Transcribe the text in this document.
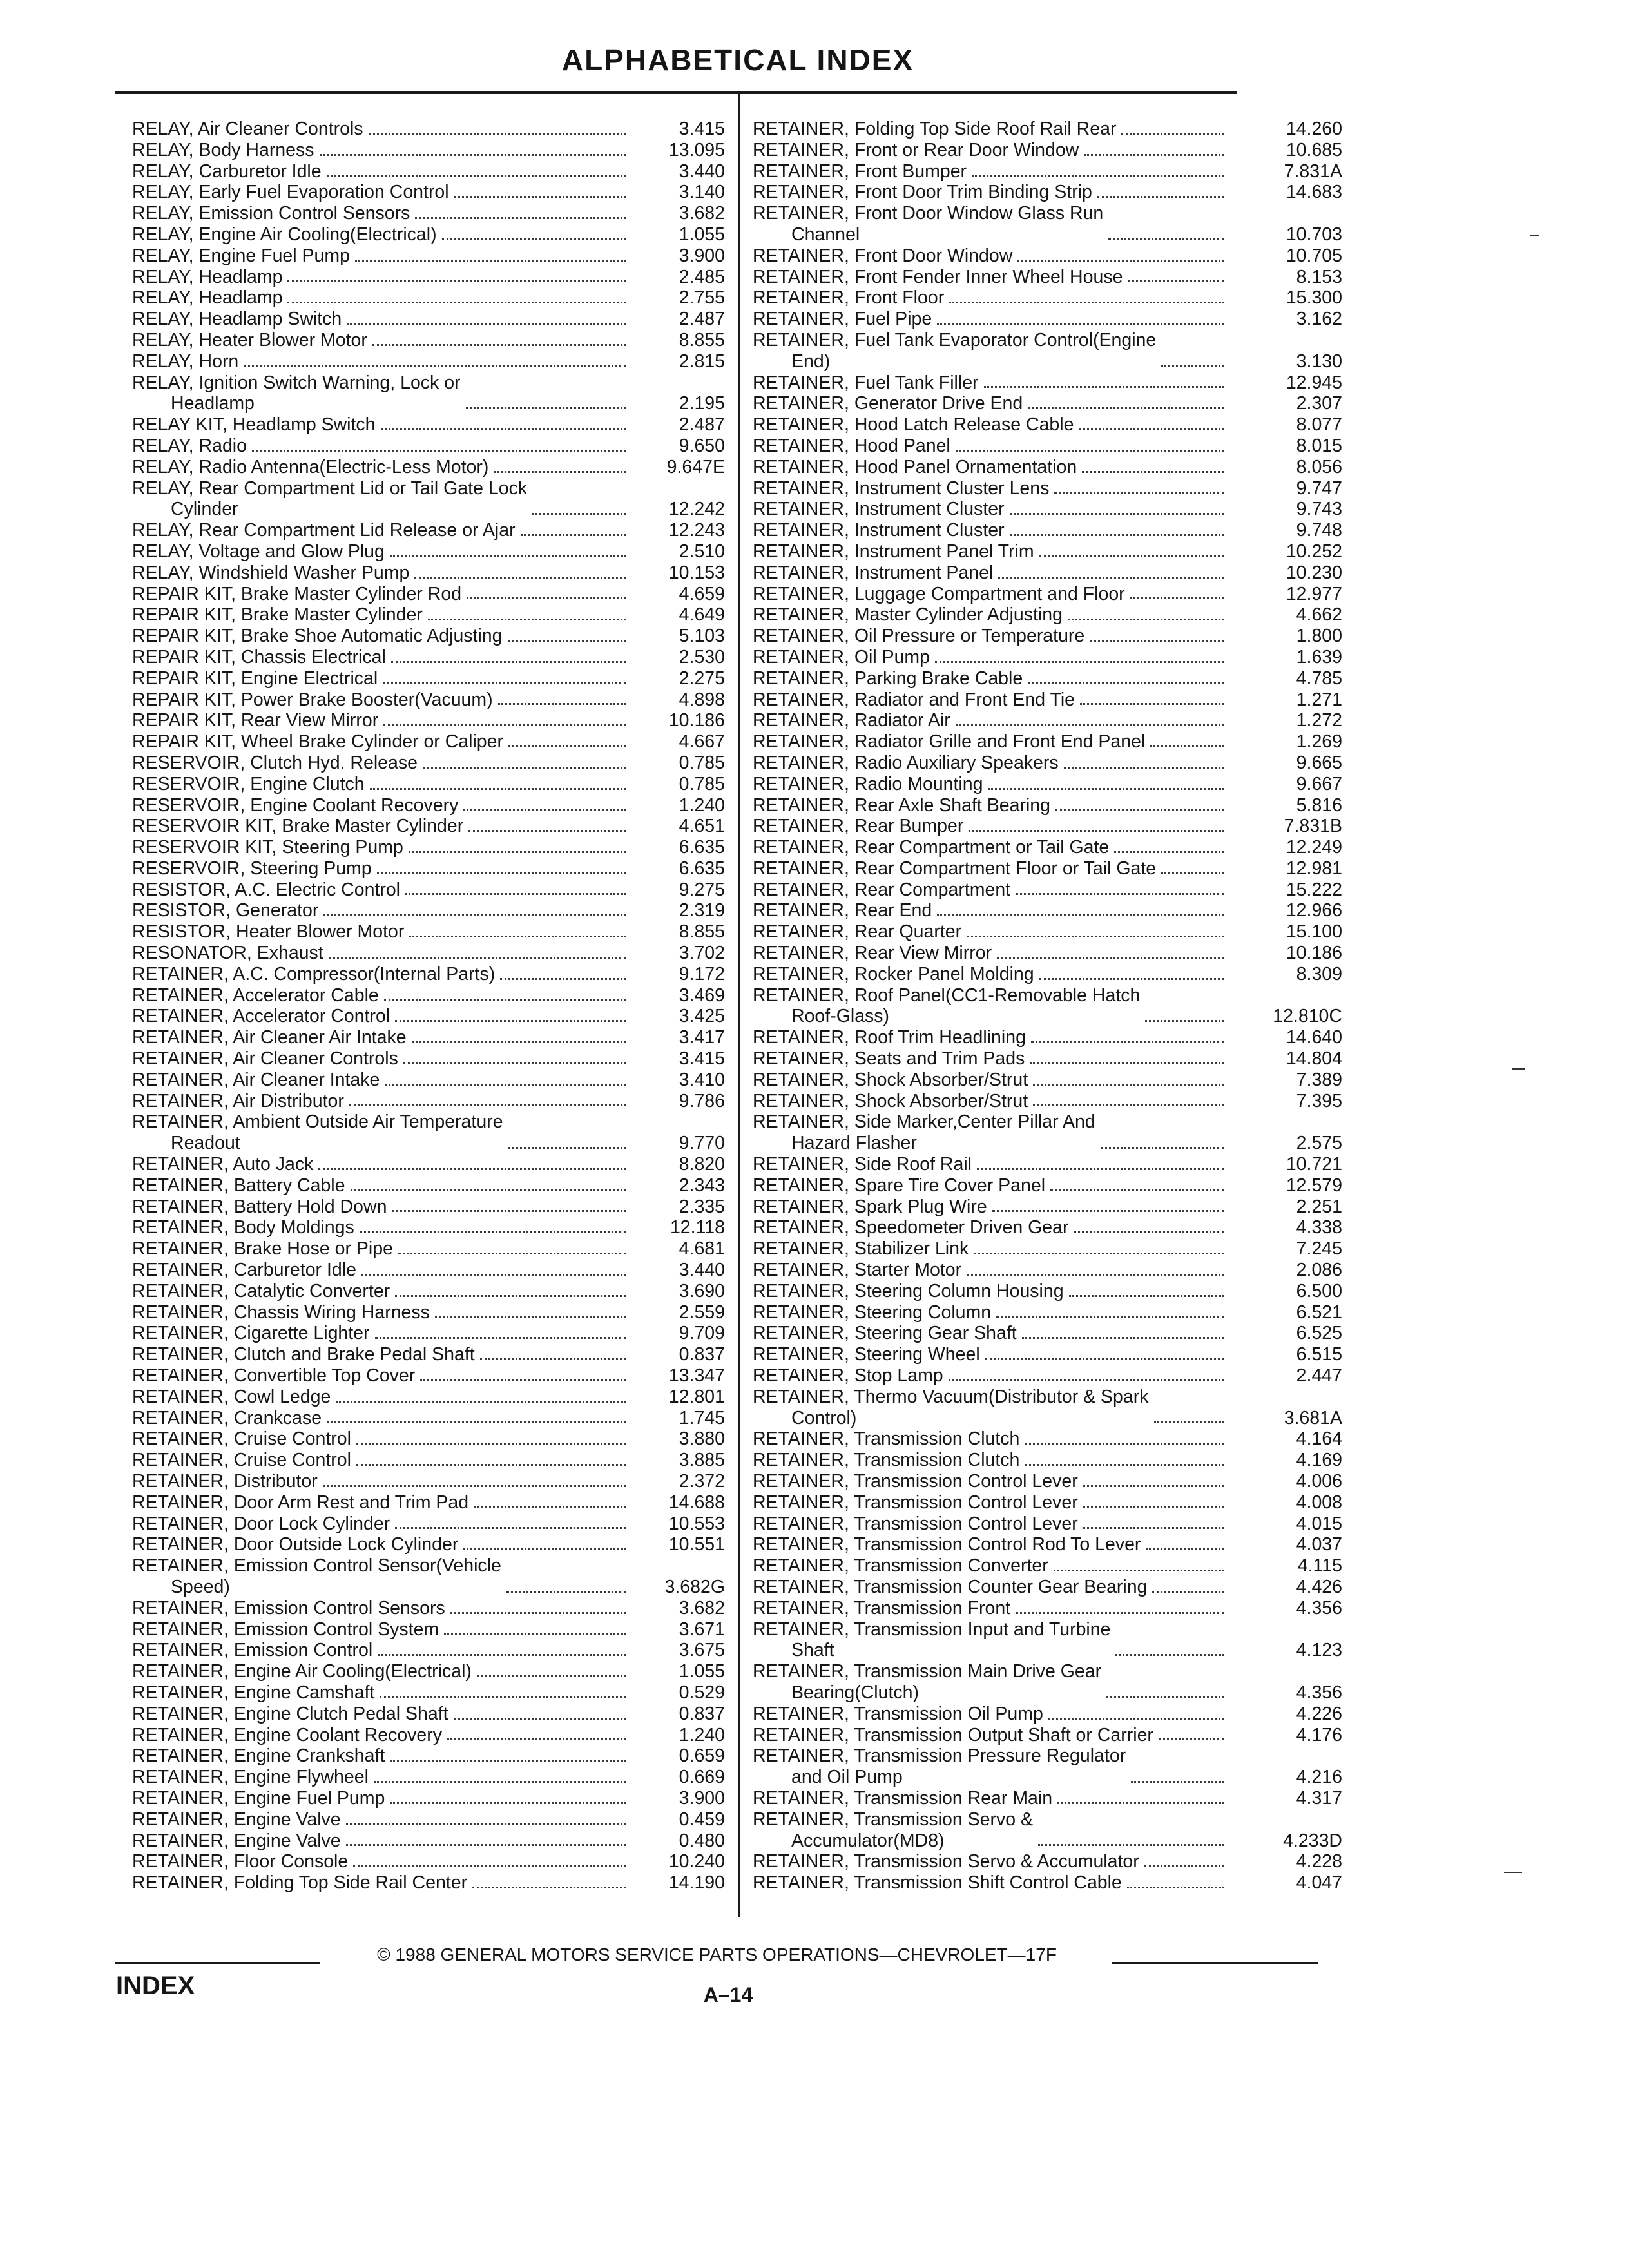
ALPHABETICAL INDEX
RELAY, Air Cleaner Controls	3.415
RELAY, Body Harness	13.095
RELAY, Carburetor Idle	3.440
RELAY, Early Fuel Evaporation Control	3.140
RELAY, Emission Control Sensors	3.682
RELAY, Engine Air Cooling(Electrical)	1.055
RELAY, Engine Fuel Pump	3.900
RELAY, Headlamp	2.485
RELAY, Headlamp	2.755
RELAY, Headlamp Switch	2.487
RELAY, Heater Blower Motor	8.855
RELAY, Horn	2.815
RELAY, Ignition Switch Warning, Lock or
Headlamp	2.195
RELAY KIT, Headlamp Switch	2.487
RELAY, Radio	9.650
RELAY, Radio Antenna(Electric-Less Motor)	9.647E
RELAY, Rear Compartment Lid or Tail Gate Lock
Cylinder	12.242
RELAY, Rear Compartment Lid Release or Ajar	12.243
RELAY, Voltage and Glow Plug	2.510
RELAY, Windshield Washer Pump	10.153
REPAIR KIT, Brake Master Cylinder Rod	4.659
REPAIR KIT, Brake Master Cylinder	4.649
REPAIR KIT, Brake Shoe Automatic Adjusting	5.103
REPAIR KIT, Chassis Electrical	2.530
REPAIR KIT, Engine Electrical	2.275
REPAIR KIT, Power Brake Booster(Vacuum)	4.898
REPAIR KIT, Rear View Mirror	10.186
REPAIR KIT, Wheel Brake Cylinder or Caliper	4.667
RESERVOIR, Clutch Hyd. Release	0.785
RESERVOIR, Engine Clutch	0.785
RESERVOIR, Engine Coolant Recovery	1.240
RESERVOIR KIT, Brake Master Cylinder	4.651
RESERVOIR KIT, Steering Pump	6.635
RESERVOIR, Steering Pump	6.635
RESISTOR, A.C. Electric Control	9.275
RESISTOR, Generator	2.319
RESISTOR, Heater Blower Motor	8.855
RESONATOR, Exhaust	3.702
RETAINER, A.C. Compressor(Internal Parts)	9.172
RETAINER, Accelerator Cable	3.469
RETAINER, Accelerator Control	3.425
RETAINER, Air Cleaner Air Intake	3.417
RETAINER, Air Cleaner Controls	3.415
RETAINER, Air Cleaner Intake	3.410
RETAINER, Air Distributor	9.786
RETAINER, Ambient Outside Air Temperature
Readout	9.770
RETAINER, Auto Jack	8.820
RETAINER, Battery Cable	2.343
RETAINER, Battery Hold Down	2.335
RETAINER, Body Moldings	12.118
RETAINER, Brake Hose or Pipe	4.681
RETAINER, Carburetor Idle	3.440
RETAINER, Catalytic Converter	3.690
RETAINER, Chassis Wiring Harness	2.559
RETAINER, Cigarette Lighter	9.709
RETAINER, Clutch and Brake Pedal Shaft	0.837
RETAINER, Convertible Top Cover	13.347
RETAINER, Cowl Ledge	12.801
RETAINER, Crankcase	1.745
RETAINER, Cruise Control	3.880
RETAINER, Cruise Control	3.885
RETAINER, Distributor	2.372
RETAINER, Door Arm Rest and Trim Pad	14.688
RETAINER, Door Lock Cylinder	10.553
RETAINER, Door Outside Lock Cylinder	10.551
RETAINER, Emission Control Sensor(Vehicle
Speed)	3.682G
RETAINER, Emission Control Sensors	3.682
RETAINER, Emission Control System	3.671
RETAINER, Emission Control	3.675
RETAINER, Engine Air Cooling(Electrical)	1.055
RETAINER, Engine Camshaft	0.529
RETAINER, Engine Clutch Pedal Shaft	0.837
RETAINER, Engine Coolant Recovery	1.240
RETAINER, Engine Crankshaft	0.659
RETAINER, Engine Flywheel	0.669
RETAINER, Engine Fuel Pump	3.900
RETAINER, Engine Valve	0.459
RETAINER, Engine Valve	0.480
RETAINER, Floor Console	10.240
RETAINER, Folding Top Side Rail Center	14.190
RETAINER, Folding Top Side Roof Rail Rear	14.260
RETAINER, Front or Rear Door Window	10.685
RETAINER, Front Bumper	7.831A
RETAINER, Front Door Trim Binding Strip	14.683
RETAINER, Front Door Window Glass Run
Channel	10.703
RETAINER, Front Door Window	10.705
RETAINER, Front Fender Inner Wheel House	8.153
RETAINER, Front Floor	15.300
RETAINER, Fuel Pipe	3.162
RETAINER, Fuel Tank Evaporator Control(Engine
End)	3.130
RETAINER, Fuel Tank Filler	12.945
RETAINER, Generator Drive End	2.307
RETAINER, Hood Latch Release Cable	8.077
RETAINER, Hood Panel	8.015
RETAINER, Hood Panel Ornamentation	8.056
RETAINER, Instrument Cluster Lens	9.747
RETAINER, Instrument Cluster	9.743
RETAINER, Instrument Cluster	9.748
RETAINER, Instrument Panel Trim	10.252
RETAINER, Instrument Panel	10.230
RETAINER, Luggage Compartment and Floor	12.977
RETAINER, Master Cylinder Adjusting	4.662
RETAINER, Oil Pressure or Temperature	1.800
RETAINER, Oil Pump	1.639
RETAINER, Parking Brake Cable	4.785
RETAINER, Radiator and Front End Tie	1.271
RETAINER, Radiator Air	1.272
RETAINER, Radiator Grille and Front End Panel	1.269
RETAINER, Radio Auxiliary Speakers	9.665
RETAINER, Radio Mounting	9.667
RETAINER, Rear Axle Shaft Bearing	5.816
RETAINER, Rear Bumper	7.831B
RETAINER, Rear Compartment or Tail Gate	12.249
RETAINER, Rear Compartment Floor or Tail Gate	12.981
RETAINER, Rear Compartment	15.222
RETAINER, Rear End	12.966
RETAINER, Rear Quarter	15.100
RETAINER, Rear View Mirror	10.186
RETAINER, Rocker Panel Molding	8.309
RETAINER, Roof Panel(CC1-Removable Hatch
Roof-Glass)	12.810C
RETAINER, Roof Trim Headlining	14.640
RETAINER, Seats and Trim Pads	14.804
RETAINER, Shock Absorber/Strut	7.389
RETAINER, Shock Absorber/Strut	7.395
RETAINER, Side Marker,Center Pillar And
Hazard Flasher	2.575
RETAINER, Side Roof Rail	10.721
RETAINER, Spare Tire Cover Panel	12.579
RETAINER, Spark Plug Wire	2.251
RETAINER, Speedometer Driven Gear	4.338
RETAINER, Stabilizer Link	7.245
RETAINER, Starter Motor	2.086
RETAINER, Steering Column Housing	6.500
RETAINER, Steering Column	6.521
RETAINER, Steering Gear Shaft	6.525
RETAINER, Steering Wheel	6.515
RETAINER, Stop Lamp	2.447
RETAINER, Thermo Vacuum(Distributor & Spark
Control)	3.681A
RETAINER, Transmission Clutch	4.164
RETAINER, Transmission Clutch	4.169
RETAINER, Transmission Control Lever	4.006
RETAINER, Transmission Control Lever	4.008
RETAINER, Transmission Control Lever	4.015
RETAINER, Transmission Control Rod To Lever	4.037
RETAINER, Transmission Converter	4.115
RETAINER, Transmission Counter Gear Bearing	4.426
RETAINER, Transmission Front	4.356
RETAINER, Transmission Input and Turbine
Shaft	4.123
RETAINER, Transmission Main Drive Gear
Bearing(Clutch)	4.356
RETAINER, Transmission Oil Pump	4.226
RETAINER, Transmission Output Shaft or Carrier	4.176
RETAINER, Transmission Pressure Regulator
and Oil Pump	4.216
RETAINER, Transmission Rear Main	4.317
RETAINER, Transmission Servo &
Accumulator(MD8)	4.233D
RETAINER, Transmission Servo & Accumulator	4.228
RETAINER, Transmission Shift Control Cable	4.047
© 1988 GENERAL MOTORS SERVICE PARTS OPERATIONS—CHEVROLET—17F
INDEX	A–14
